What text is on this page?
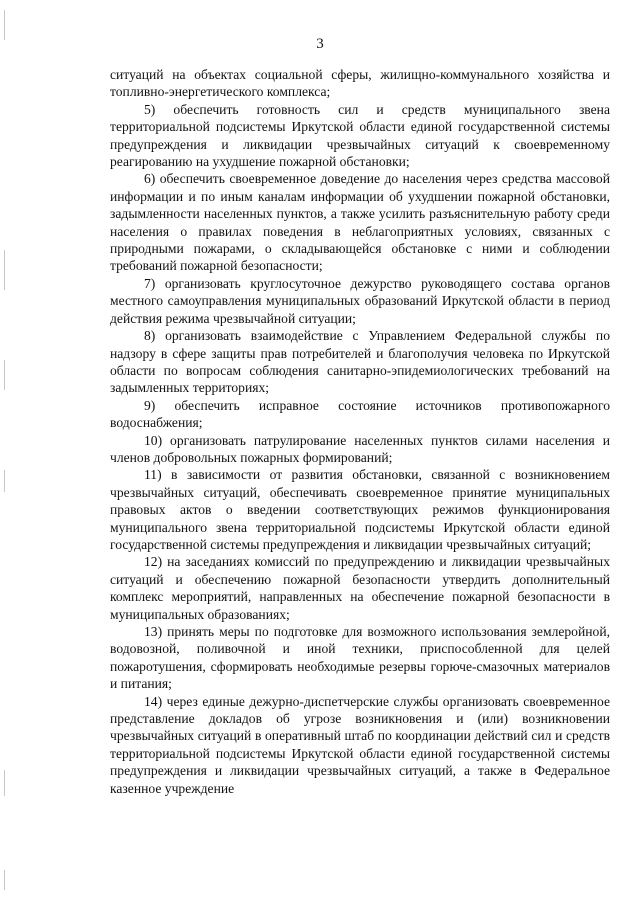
3

ситуаций на объектах социальной сферы, жилищно-коммунального хозяйства и топливно-энергетического комплекса;

5) обеспечить готовность сил и средств муниципального звена территориальной подсистемы Иркутской области единой государственной системы предупреждения и ликвидации чрезвычайных ситуаций к своевременному реагированию на ухудшение пожарной обстановки;

6) обеспечить своевременное доведение до населения через средства массовой информации и по иным каналам информации об ухудшении пожарной обстановки, задымленности населенных пунктов, а также усилить разъяснительную работу среди населения о правилах поведения в неблагоприятных условиях, связанных с природными пожарами, о складывающейся обстановке с ними и соблюдении требований пожарной безопасности;

7) организовать круглосуточное дежурство руководящего состава органов местного самоуправления муниципальных образований Иркутской области в период действия режима чрезвычайной ситуации;

8) организовать взаимодействие с Управлением Федеральной службы по надзору в сфере защиты прав потребителей и благополучия человека по Иркутской области по вопросам соблюдения санитарно-эпидемиологических требований на задымленных территориях;

9) обеспечить исправное состояние источников противопожарного водоснабжения;

10) организовать патрулирование населенных пунктов силами населения и членов добровольных пожарных формирований;

11) в зависимости от развития обстановки, связанной с возникновением чрезвычайных ситуаций, обеспечивать своевременное принятие муниципальных правовых актов о введении соответствующих режимов функционирования муниципального звена территориальной подсистемы Иркутской области единой государственной системы предупреждения и ликвидации чрезвычайных ситуаций;

12) на заседаниях комиссий по предупреждению и ликвидации чрезвычайных ситуаций и обеспечению пожарной безопасности утвердить дополнительный комплекс мероприятий, направленных на обеспечение пожарной безопасности в муниципальных образованиях;

13) принять меры по подготовке для возможного использования землеройной, водовозной, поливочной и иной техники, приспособленной для целей пожаротушения, сформировать необходимые резервы горюче-смазочных материалов и питания;

14) через единые дежурно-диспетчерские службы организовать своевременное представление докладов об угрозе возникновения и (или) возникновении чрезвычайных ситуаций в оперативный штаб по координации действий сил и средств территориальной подсистемы Иркутской области единой государственной системы предупреждения и ликвидации чрезвычайных ситуаций, а также в Федеральное казенное учреждение
